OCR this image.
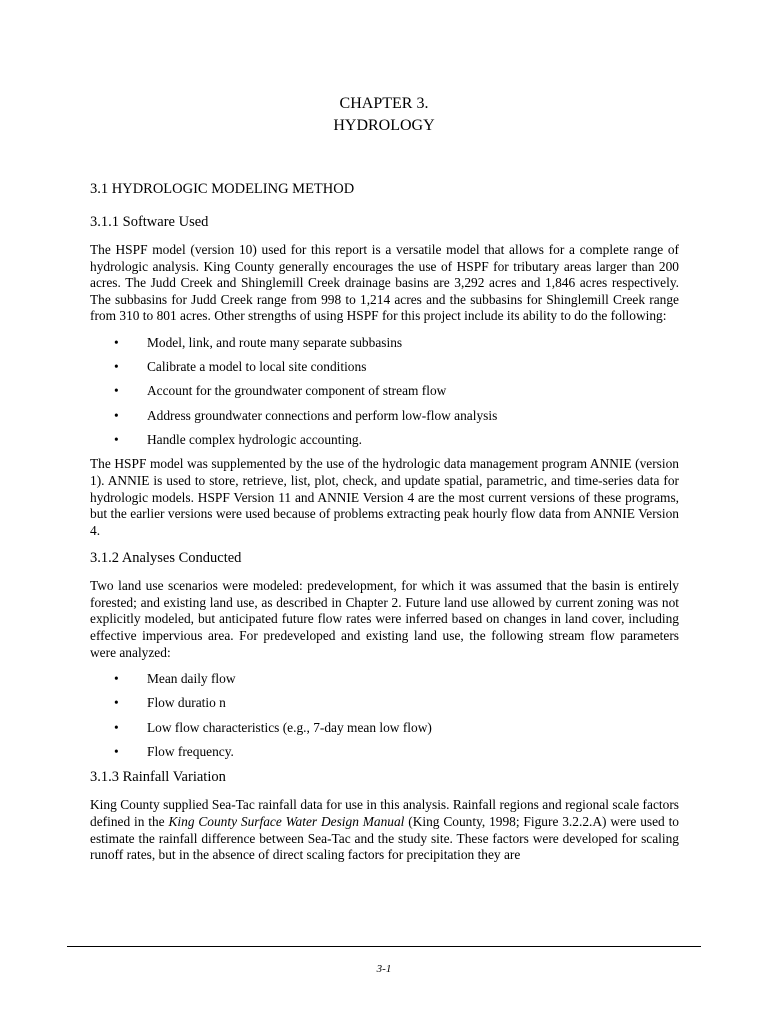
CHAPTER 3.
HYDROLOGY
3.1 HYDROLOGIC MODELING METHOD
3.1.1 Software Used

The HSPF model (version 10) used for this report is a versatile model that allows for a complete range of hydrologic analysis. King County generally encourages the use of HSPF for tributary areas larger than 200 acres. The Judd Creek and Shinglemill Creek drainage basins are 3,292 acres and 1,846 acres respectively. The subbasins for Judd Creek range from 998 to 1,214 acres and the subbasins for Shinglemill Creek range from 310 to 801 acres. Other strengths of using HSPF for this project include its ability to do the following:

• Model, link, and route many separate subbasins
• Calibrate a model to local site conditions
• Account for the groundwater component of stream flow
• Address groundwater connections and perform low-flow analysis
• Handle complex hydrologic accounting.

The HSPF model was supplemented by the use of the hydrologic data management program ANNIE (version 1). ANNIE is used to store, retrieve, list, plot, check, and update spatial, parametric, and time-series data for hydrologic models. HSPF Version 11 and ANNIE Version 4 are the most current versions of these programs, but the earlier versions were used because of problems extracting peak hourly flow data from ANNIE Version 4.

3.1.2 Analyses Conducted

Two land use scenarios were modeled: predevelopment, for which it was assumed that the basin is entirely forested; and existing land use, as described in Chapter 2. Future land use allowed by current zoning was not explicitly modeled, but anticipated future flow rates were inferred based on changes in land cover, including effective impervious area. For predeveloped and existing land use, the following stream flow parameters were analyzed:

• Mean daily flow
• Flow duratio n
• Low flow characteristics (e.g., 7-day mean low flow)
• Flow frequency.
3.1.3 Rainfall Variation

King County supplied Sea-Tac rainfall data for use in this analysis. Rainfall regions and regional scale factors defined in the King County Surface Water Design Manual (King County, 1998; Figure 3.2.2.A) were used to estimate the rainfall difference between Sea-Tac and the study site. These factors were developed for scaling runoff rates, but in the absence of direct scaling factors for precipitation they are

3-1
